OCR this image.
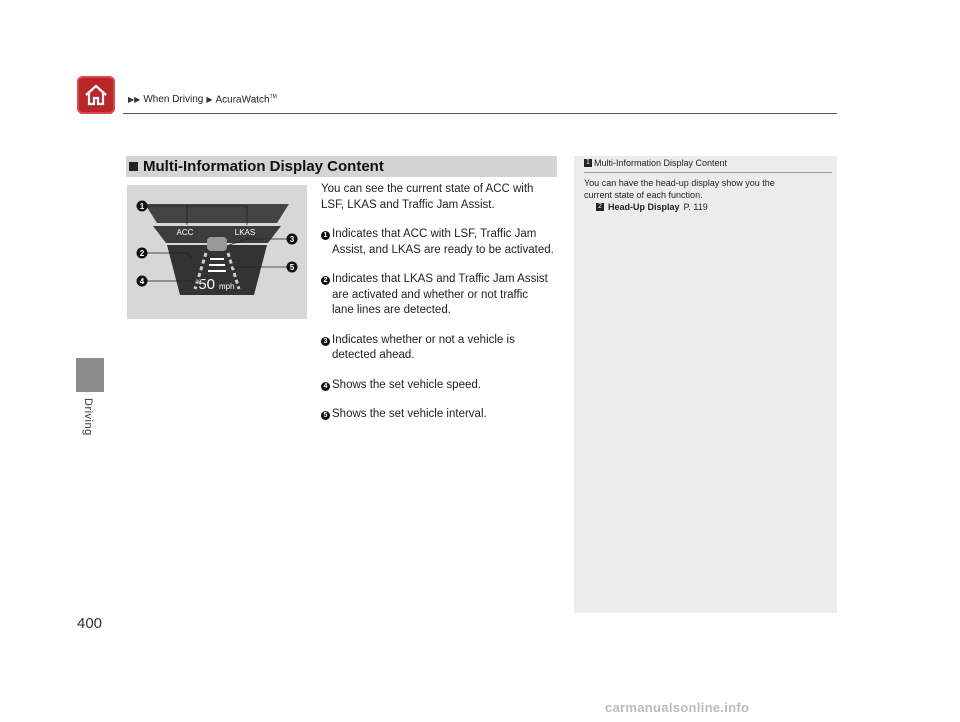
▶▶ When Driving ▶ AcuraWatch™
Driving
400
Multi-Information Display Content
ACC	LKAS
50 mph
1
2
3
4
5

You can see the current state of ACC with
LSF, LKAS and Traffic Jam Assist.

1 Indicates that ACC with LSF, Traffic Jam
Assist, and LKAS are ready to be activated.
2 Indicates that LKAS and Traffic Jam Assist
are activated and whether or not traffic
lane lines are detected.
3 Indicates whether or not a vehicle is
detected ahead.
4 Shows the set vehicle speed.
5 Shows the set vehicle interval.
1 Multi-Information Display Content
You can have the head-up display show you the
current state of each function.
2 Head-Up Display P. 119
carmanualsonline.info
